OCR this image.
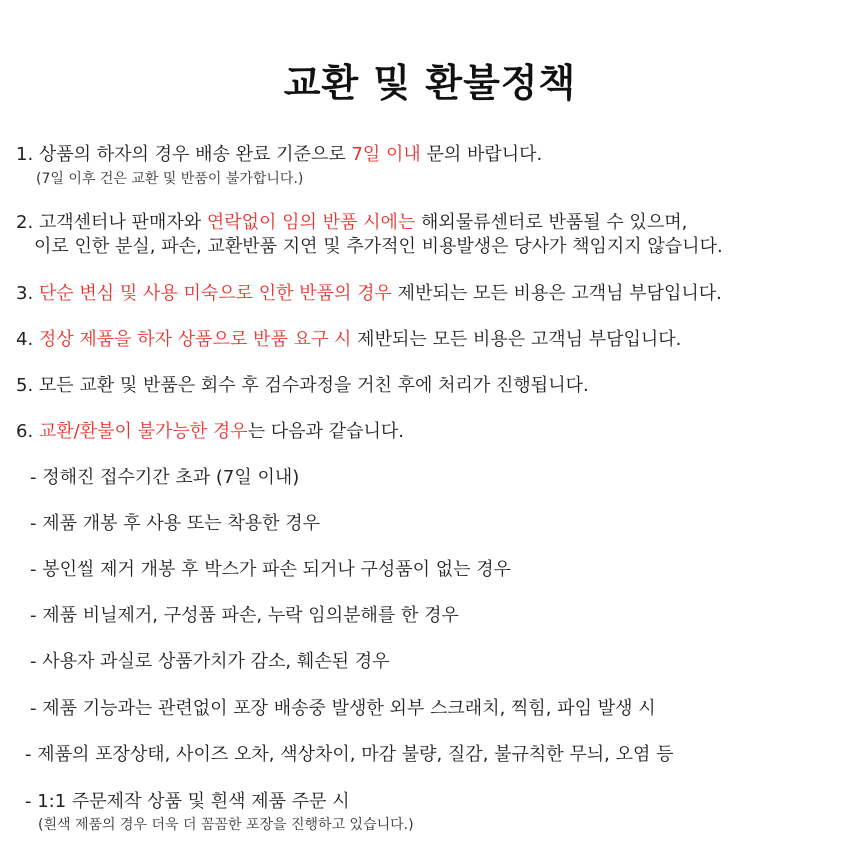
교환 및 환불정책
1. 상품의 하자의 경우 배송 완료 기준으로 7일 이내 문의 바랍니다.
(7일 이후 건은 교환 및 반품이 불가합니다.)
2. 고객센터나 판매자와 연락없이 임의 반품 시에는 해외물류센터로 반품될 수 있으며,
이로 인한 분실, 파손, 교환반품 지연 및 추가적인 비용발생은 당사가 책임지지 않습니다.
3. 단순 변심 및 사용 미숙으로 인한 반품의 경우 제반되는 모든 비용은 고객님 부담입니다.
4. 정상 제품을 하자 상품으로 반품 요구 시 제반되는 모든 비용은 고객님 부담입니다.
5. 모든 교환 및 반품은 회수 후 검수과정을 거친 후에 처리가 진행됩니다.
6. 교환/환불이 불가능한 경우는 다음과 같습니다.
- 정해진 접수기간 초과 (7일 이내)
- 제품 개봉 후 사용 또는 착용한 경우
- 봉인씰 제거 개봉 후 박스가 파손 되거나 구성품이 없는 경우
- 제품 비닐제거, 구성품 파손, 누락 임의분해를 한 경우
- 사용자 과실로 상품가치가 감소, 훼손된 경우
- 제품 기능과는 관련없이 포장 배송중 발생한 외부 스크래치, 찍힘, 파임 발생 시
- 제품의 포장상태, 사이즈 오차, 색상차이, 마감 불량, 질감, 불규칙한 무늬, 오염 등
- 1:1 주문제작 상품 및 흰색 제품 주문 시
(흰색 제품의 경우 더욱 더 꼼꼼한 포장을 진행하고 있습니다.)
